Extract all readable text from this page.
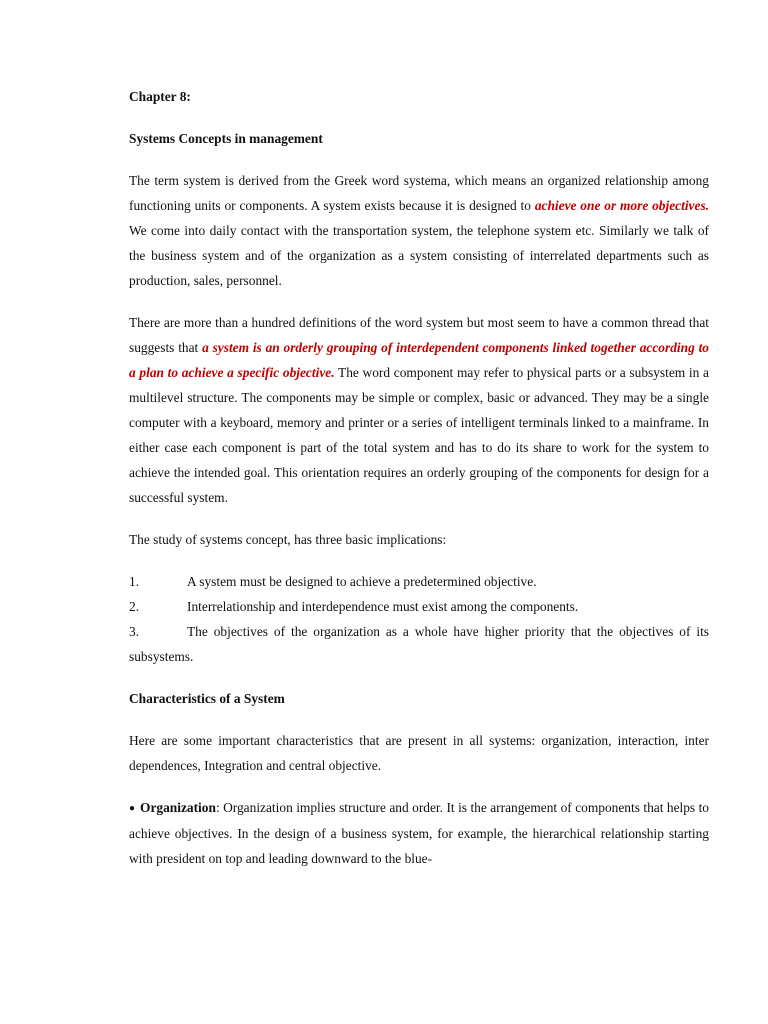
Chapter 8:
Systems Concepts in management

The term system is derived from the Greek word systema, which means an organized relationship among functioning units or components. A system exists because it is designed to achieve one or more objectives. We come into daily contact with the transportation system, the telephone system etc. Similarly we talk of the business system and of the organization as a system consisting of interrelated departments such as production, sales, personnel.

There are more than a hundred definitions of the word system but most seem to have a common thread that suggests that a system is an orderly grouping of interdependent components linked together according to a plan to achieve a specific objective. The word component may refer to physical parts or a subsystem in a multilevel structure. The components may be simple or complex, basic or advanced. They may be a single computer with a keyboard, memory and printer or a series of intelligent terminals linked to a mainframe. In either case each component is part of the total system and has to do its share to work for the system to achieve the intended goal. This orientation requires an orderly grouping of the components for design for a successful system.

The study of systems concept, has three basic implications:

1.	A system must be designed to achieve a predetermined objective.
2.	Interrelationship and interdependence must exist among the components.
3.	The objectives of the organization as a whole have higher priority that the objectives of its subsystems.
Characteristics of a System

Here are some important characteristics that are present in all systems: organization, interaction, inter dependences, Integration and central objective.

● Organization: Organization implies structure and order. It is the arrangement of components that helps to achieve objectives. In the design of a business system, for example, the hierarchical relationship starting with president on top and leading downward to the blue-
